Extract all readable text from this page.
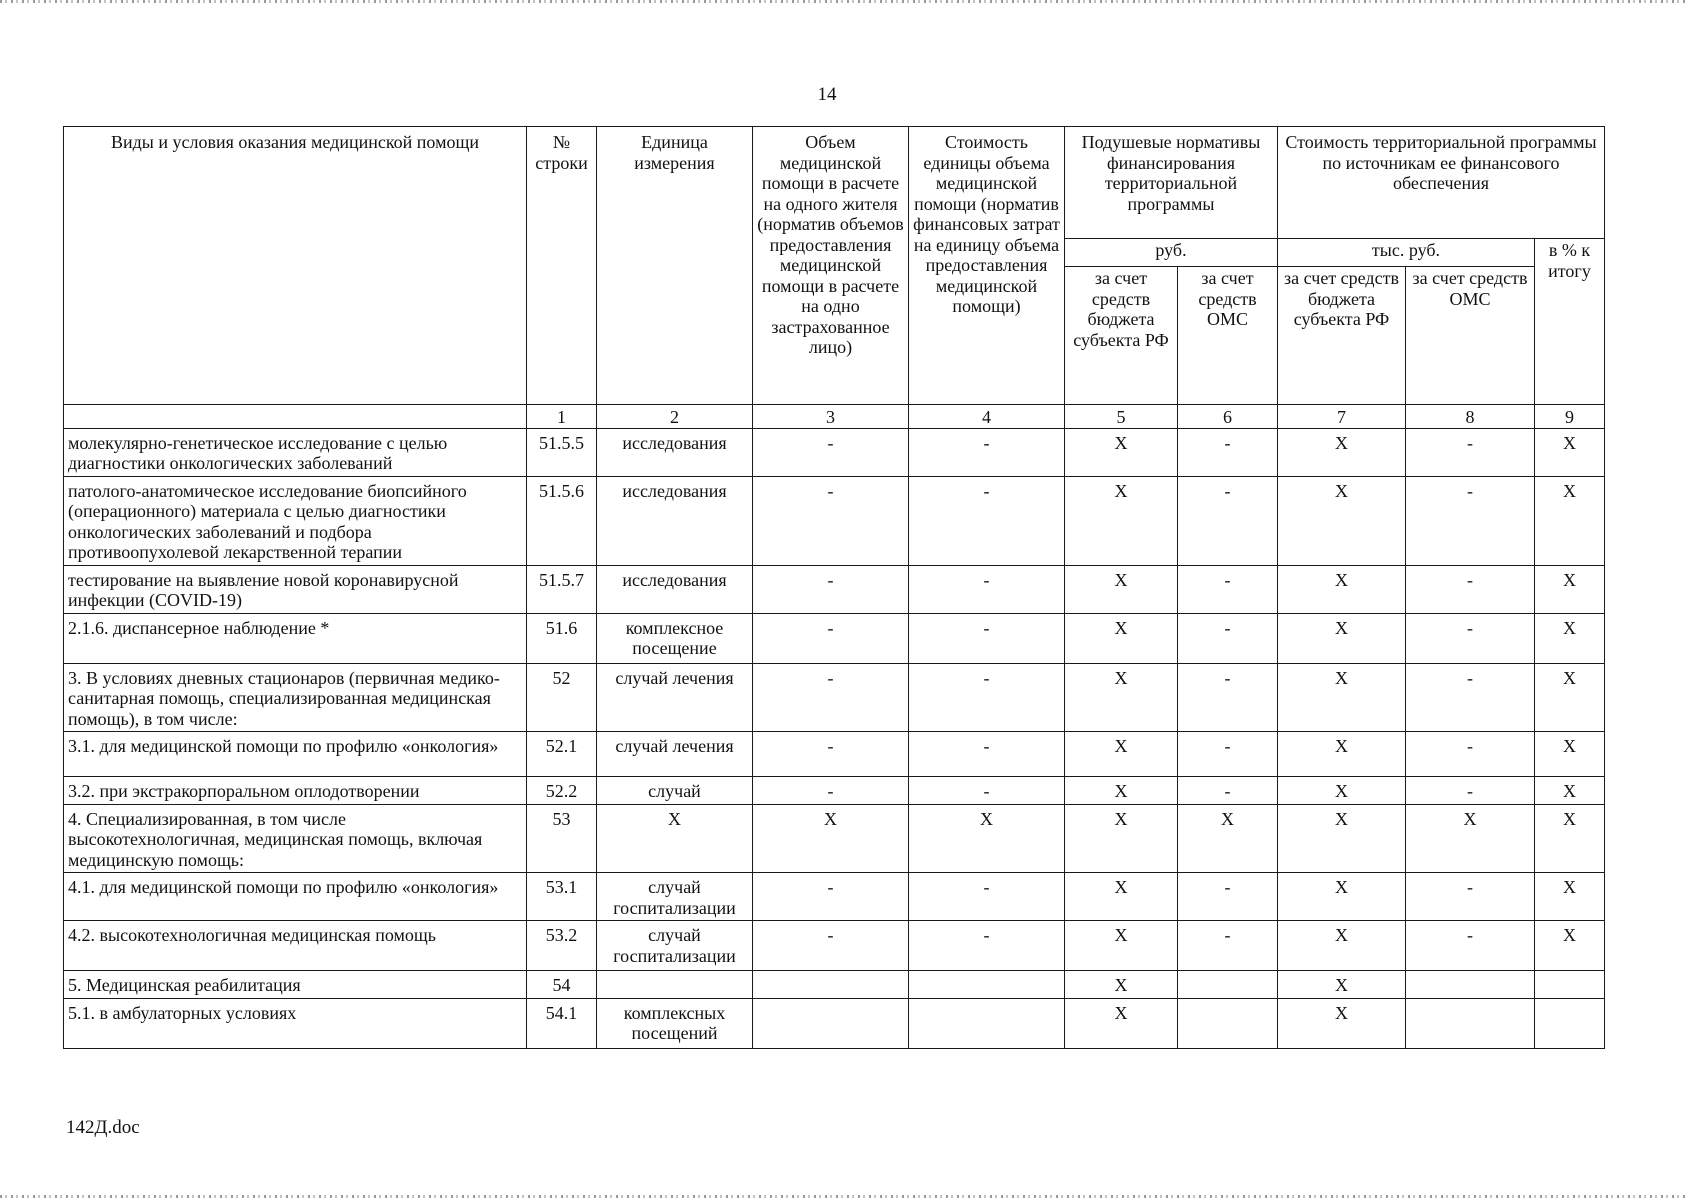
14
Виды и условия оказания медицинской помощи	№ строки	Единица измерения	Объем медицинской помощи в расчете на одного жителя (норматив объемов предоставления медицинской помощи в расчете на одно застрахованное лицо)	Стоимость единицы объема медицинской помощи (норматив финансовых затрат на единицу объема предоставления медицинской помощи)	Подушевые нормативы финансирования территориальной программы		Стоимость территориальной программы по источникам ее финансового обеспечения		
					руб.		тыс. руб.		в % к итогу
					за счет средств бюджета субъекта РФ	за счет средств ОМС	за счет средств бюджета субъекта РФ	за счет средств ОМС	
	1	2	3	4	5	6	7	8	9
молекулярно-генетическое исследование с целью диагностики онкологических заболеваний	51.5.5	исследования	-	-	X	-	X	-	X
патолого-анатомическое исследование биопсийного (операционного) материала с целью диагностики онкологических заболеваний и подбора противоопухолевой лекарственной терапии	51.5.6	исследования	-	-	X	-	X	-	X
тестирование на выявление новой коронавирусной инфекции (COVID-19)	51.5.7	исследования	-	-	X	-	X	-	X
2.1.6. диспансерное наблюдение *	51.6	комплексное посещение	-	-	X	-	X	-	X
3. В условиях дневных стационаров (первичная медико-санитарная помощь, специализированная медицинская помощь), в том числе:	52	случай лечения	-	-	X	-	X	-	X
3.1. для медицинской помощи по профилю «онкология»	52.1	случай лечения	-	-	X	-	X	-	X
3.2. при экстракорпоральном оплодотворении	52.2	случай	-	-	X	-	X	-	X
4. Специализированная, в том числе высокотехнологичная, медицинская помощь, включая медицинскую помощь:	53	X	X	X	X	X	X	X	X
4.1. для медицинской помощи по профилю «онкология»	53.1	случай госпитализации	-	-	X	-	X	-	X
4.2. высокотехнологичная медицинская помощь	53.2	случай госпитализации	-	-	X	-	X	-	X
5. Медицинская реабилитация	54				X		X		
5.1. в амбулаторных условиях	54.1	комплексных посещений			X		X		
142Д.doc
